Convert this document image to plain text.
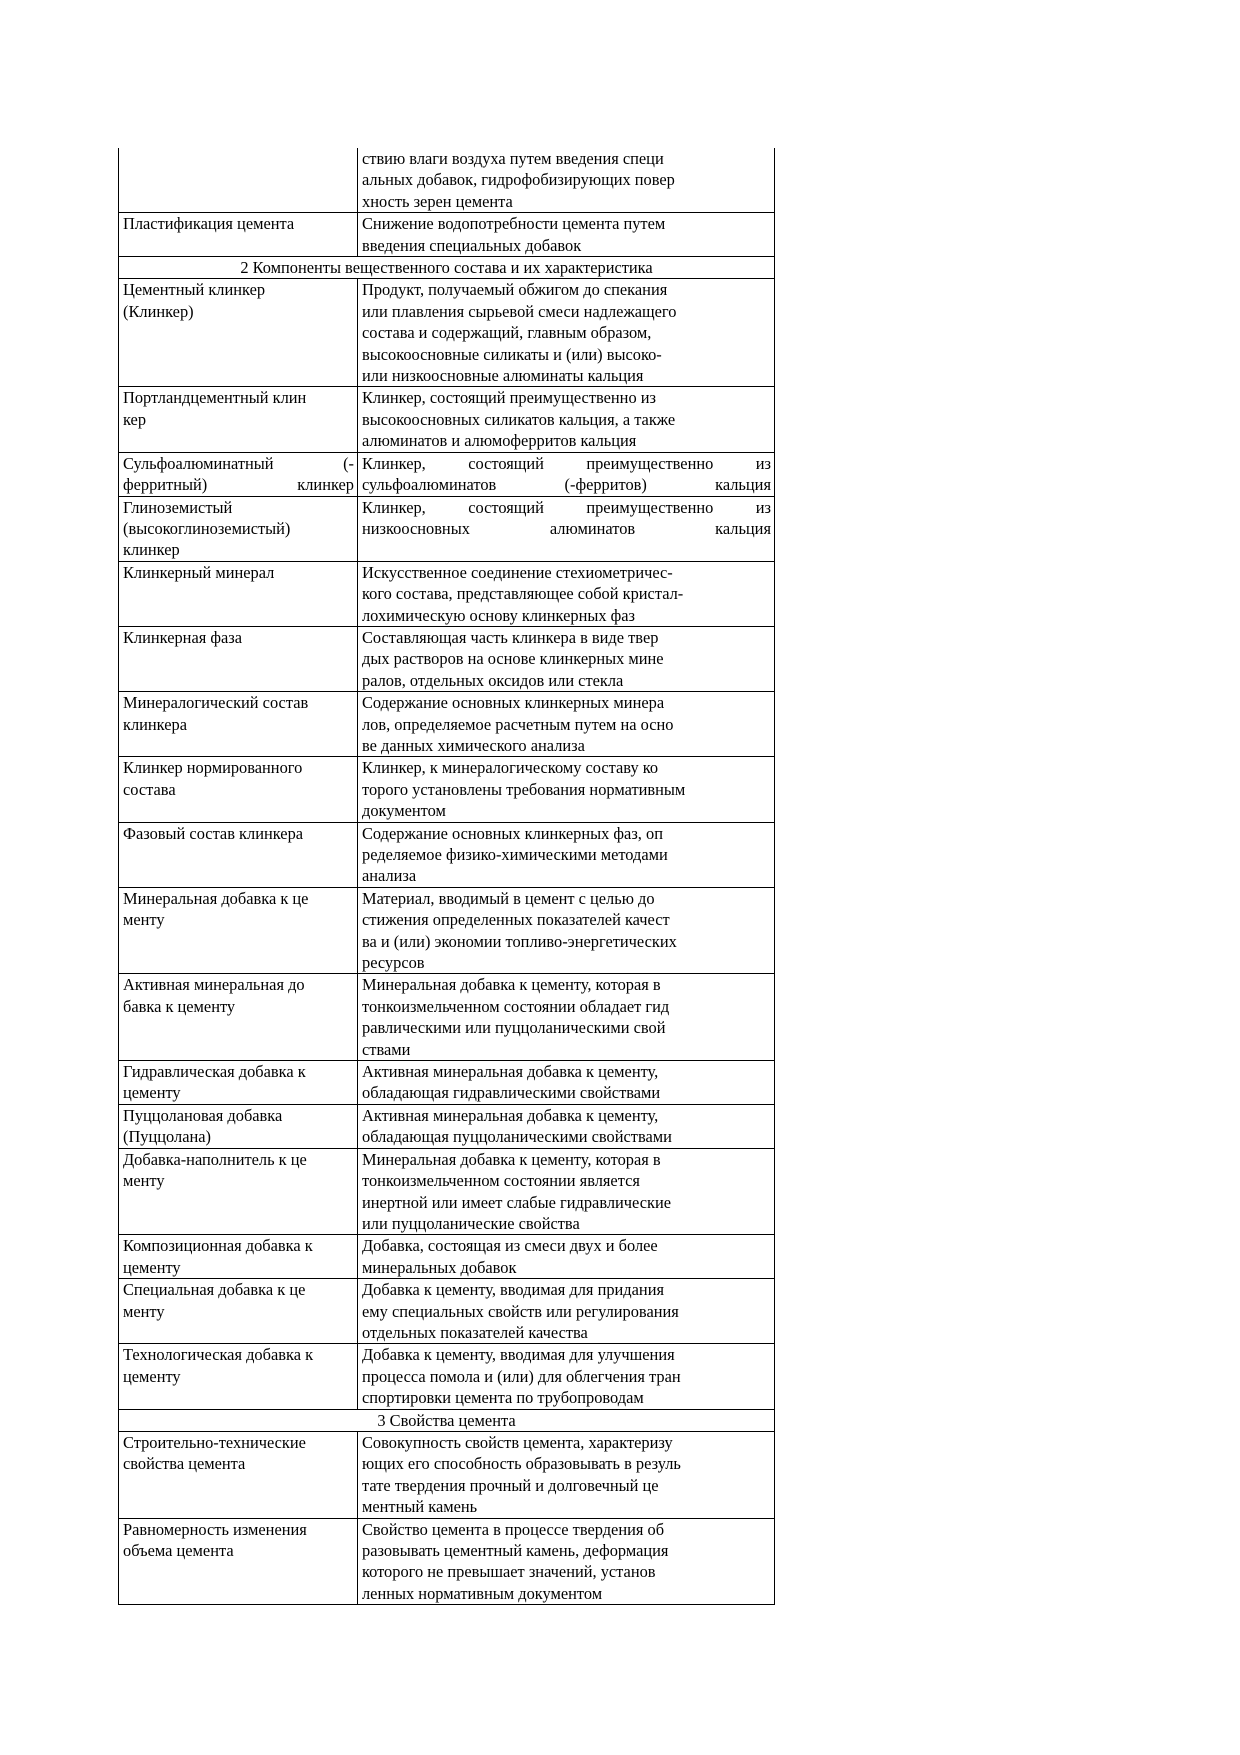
	ствию влаги воздуха путем введения специ
альных добавок, гидрофобизирующих повер
хность зерен цемента

Пластификация цемента	Снижение водопотребности цемента путем
введения специальных добавок

2 Компоненты вещественного состава и их характеристика	

Цементный клинкер
(Клинкер)	Продукт, получаемый обжигом до спекания
или плавления сырьевой смеси надлежащего
состава и содержащий, главным образом,
высокоосновные силикаты и (или) высоко-
или низкоосновные алюминаты кальция

Портландцементный клин
кер	Клинкер, состоящий преимущественно из
высокоосновных силикатов кальция, а также
алюминатов и алюмоферритов кальция

Сульфоалюминатный (-
ферритный) клинкер	Клинкер, состоящий преимущественно из
сульфоалюминатов (-ферритов) кальция

Глиноземистый
(высокоглиноземистый)
клинкер	Клинкер, состоящий преимущественно из
низкоосновных алюминатов кальция

Клинкерный минерал	Искусственное соединение стехиометричес-
кого состава, представляющее собой кристал-
лохимическую основу клинкерных фаз

Клинкерная фаза	Составляющая часть клинкера в виде твер
дых растворов на основе клинкерных мине
ралов, отдельных оксидов или стекла

Минералогический состав
клинкера	Содержание основных клинкерных минера
лов, определяемое расчетным путем на осно
ве данных химического анализа

Клинкер нормированного
состава	Клинкер, к минералогическому составу ко
торого установлены требования нормативным
документом

Фазовый состав клинкера	Содержание основных клинкерных фаз, оп
ределяемое физико-химическими методами
анализа

Минеральная добавка к це
менту	Материал, вводимый в цемент с целью до
стижения определенных показателей качест
ва и (или) экономии топливо-энергетических
ресурсов

Активная минеральная до
бавка к цементу	Минеральная добавка к цементу, которая в
тонкоизмельченном состоянии обладает гид
равлическими или пуццоланическими свой
ствами

Гидравлическая добавка к
цементу	Активная минеральная добавка к цементу,
обладающая гидравлическими свойствами

Пуццолановая добавка
(Пуццолана)	Активная минеральная добавка к цементу,
обладающая пуццоланическими свойствами

Добавка-наполнитель к це
менту	Минеральная добавка к цементу, которая в
тонкоизмельченном состоянии является
инертной или имеет слабые гидравлические
или пуццоланические свойства

Композиционная добавка к
цементу	Добавка, состоящая из смеси двух и более
минеральных добавок

Специальная добавка к це
менту	Добавка к цементу, вводимая для придания
ему специальных свойств или регулирования
отдельных показателей качества

Технологическая добавка к
цементу	Добавка к цементу, вводимая для улучшения
процесса помола и (или) для облегчения тран
спортировки цемента по трубопроводам

3 Свойства цемента	

Строительно-технические
свойства цемента	Совокупность свойств цемента, характеризу
ющих его способность образовывать в резуль
тате твердения прочный и долговечный це
ментный камень

Равномерность изменения
объема цемента	Свойство цемента в процессе твердения об
разовывать цементный камень, деформация
которого не превышает значений, установ
ленных нормативным документом
